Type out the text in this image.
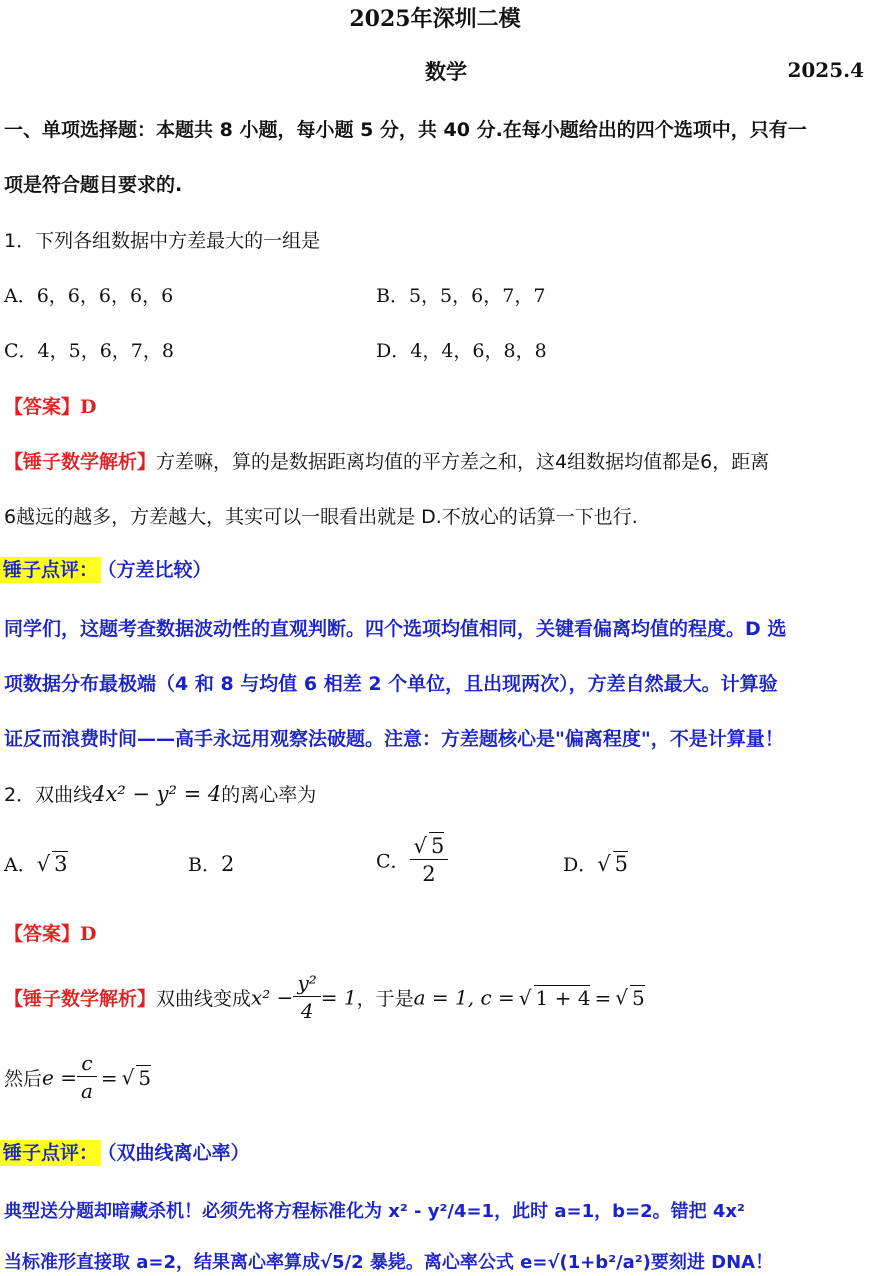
2025年深圳二模
数学	2025.4
一、单项选择题：本题共 8 小题，每小题 5 分，共 40 分.在每小题给出的四个选项中，只有一
项是符合题目要求的.
1．下列各组数据中方差最大的一组是
A．6，6，6，6，6	B．5，5，6，7，7
C．4，5，6，7，8	D．4，4，6，8，8
【答案】D
【锤子数学解析】方差嘛，算的是数据距离均值的平方差之和，这4组数据均值都是6，距离
6越远的越多，方差越大，其实可以一眼看出就是 D.不放心的话算一下也行.
锤子点评： （方差比较）
同学们，这题考查数据波动性的直观判断。四个选项均值相同，关键看偏离均值的程度。D 选
项数据分布最极端（4 和 8 与均值 6 相差 2 个单位，且出现两次），方差自然最大。计算验
证反而浪费时间——高手永远用观察法破题。注意：方差题核心是"偏离程度"，不是计算量！
2．双曲线4x² − y² = 4的离心率为
A．√ 3	B．2	C． $\frac{√ 5}{2}$	D．√ 5
【答案】D
【锤子数学解析】双曲线变成$x^2 - \frac{\text{y²}}{4} = 1$，于是a = 1, c = √ 1 + 4 = √ 5
然后$e = \frac{c}{a}$ = √ 5
锤子点评： （双曲线离心率）
典型送分题却暗藏杀机！必须先将方程标准化为 x² - y²/4=1，此时 a=1，b=2。错把 4x²
当标准形直接取 a=2，结果离心率算成√5/2 暴毙。离心率公式 e=√(1+b²/a²)要刻进 DNA！
